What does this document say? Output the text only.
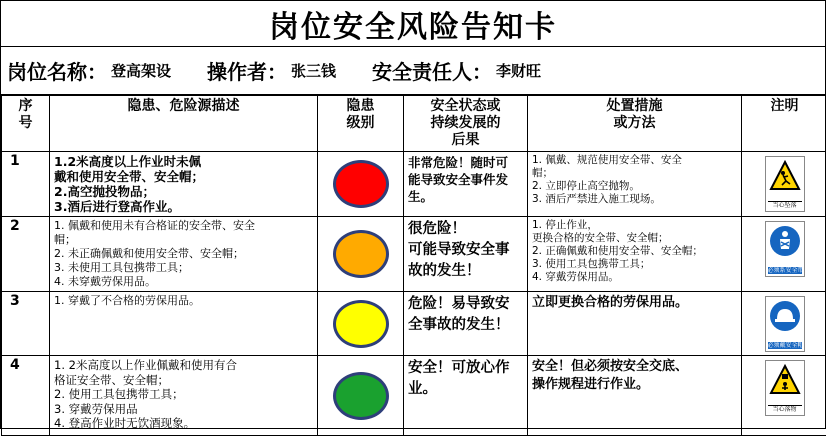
岗位安全风险告知卡
岗位名称： 登高架设 操作者： 张三钱 安全责任人： 李财旺
序
号	隐患、危险源描述	隐患
级别	安全状态或
持续发展的
后果	处置措施
或方法	注明
1	1.2米高度以上作业时未佩
戴和使用安全带、安全帽；
2.高空抛投物品；
3.酒后进行登高作业。		非常危险！随时可
能导致安全事件发
生。	1. 佩戴、规范使用安全带、安全
帽；
2. 立即停止高空抛物。
3. 酒后严禁进入施工现场。	当心坠落

2	1. 佩戴和使用未有合格证的安全带、安全
帽；
2. 未正确佩戴和使用安全带、安全帽；
3. 未使用工具包携带工具；
4. 未穿戴劳保用品。		很危险！
可能导致安全事
故的发生！	1. 停止作业，
更换合格的安全带、安全帽；
2. 正确佩戴和使用安全带、安全帽；
3. 使用工具包携带工具；
4. 穿戴劳保用品。	必须系安全带

3	1. 穿戴了不合格的劳保用品。		危险！易导致安
全事故的发生！	立即更换合格的劳保用品。	必须戴安全帽

4	1. 2米高度以上作业佩戴和使用有合
格证安全带、安全帽；
2. 使用工具包携带工具；
3. 穿戴劳保用品
4. 登高作业时无饮酒现象。		安全！可放心作
业。	安全！但必须按安全交底、
操作规程进行作业。	当心落物
